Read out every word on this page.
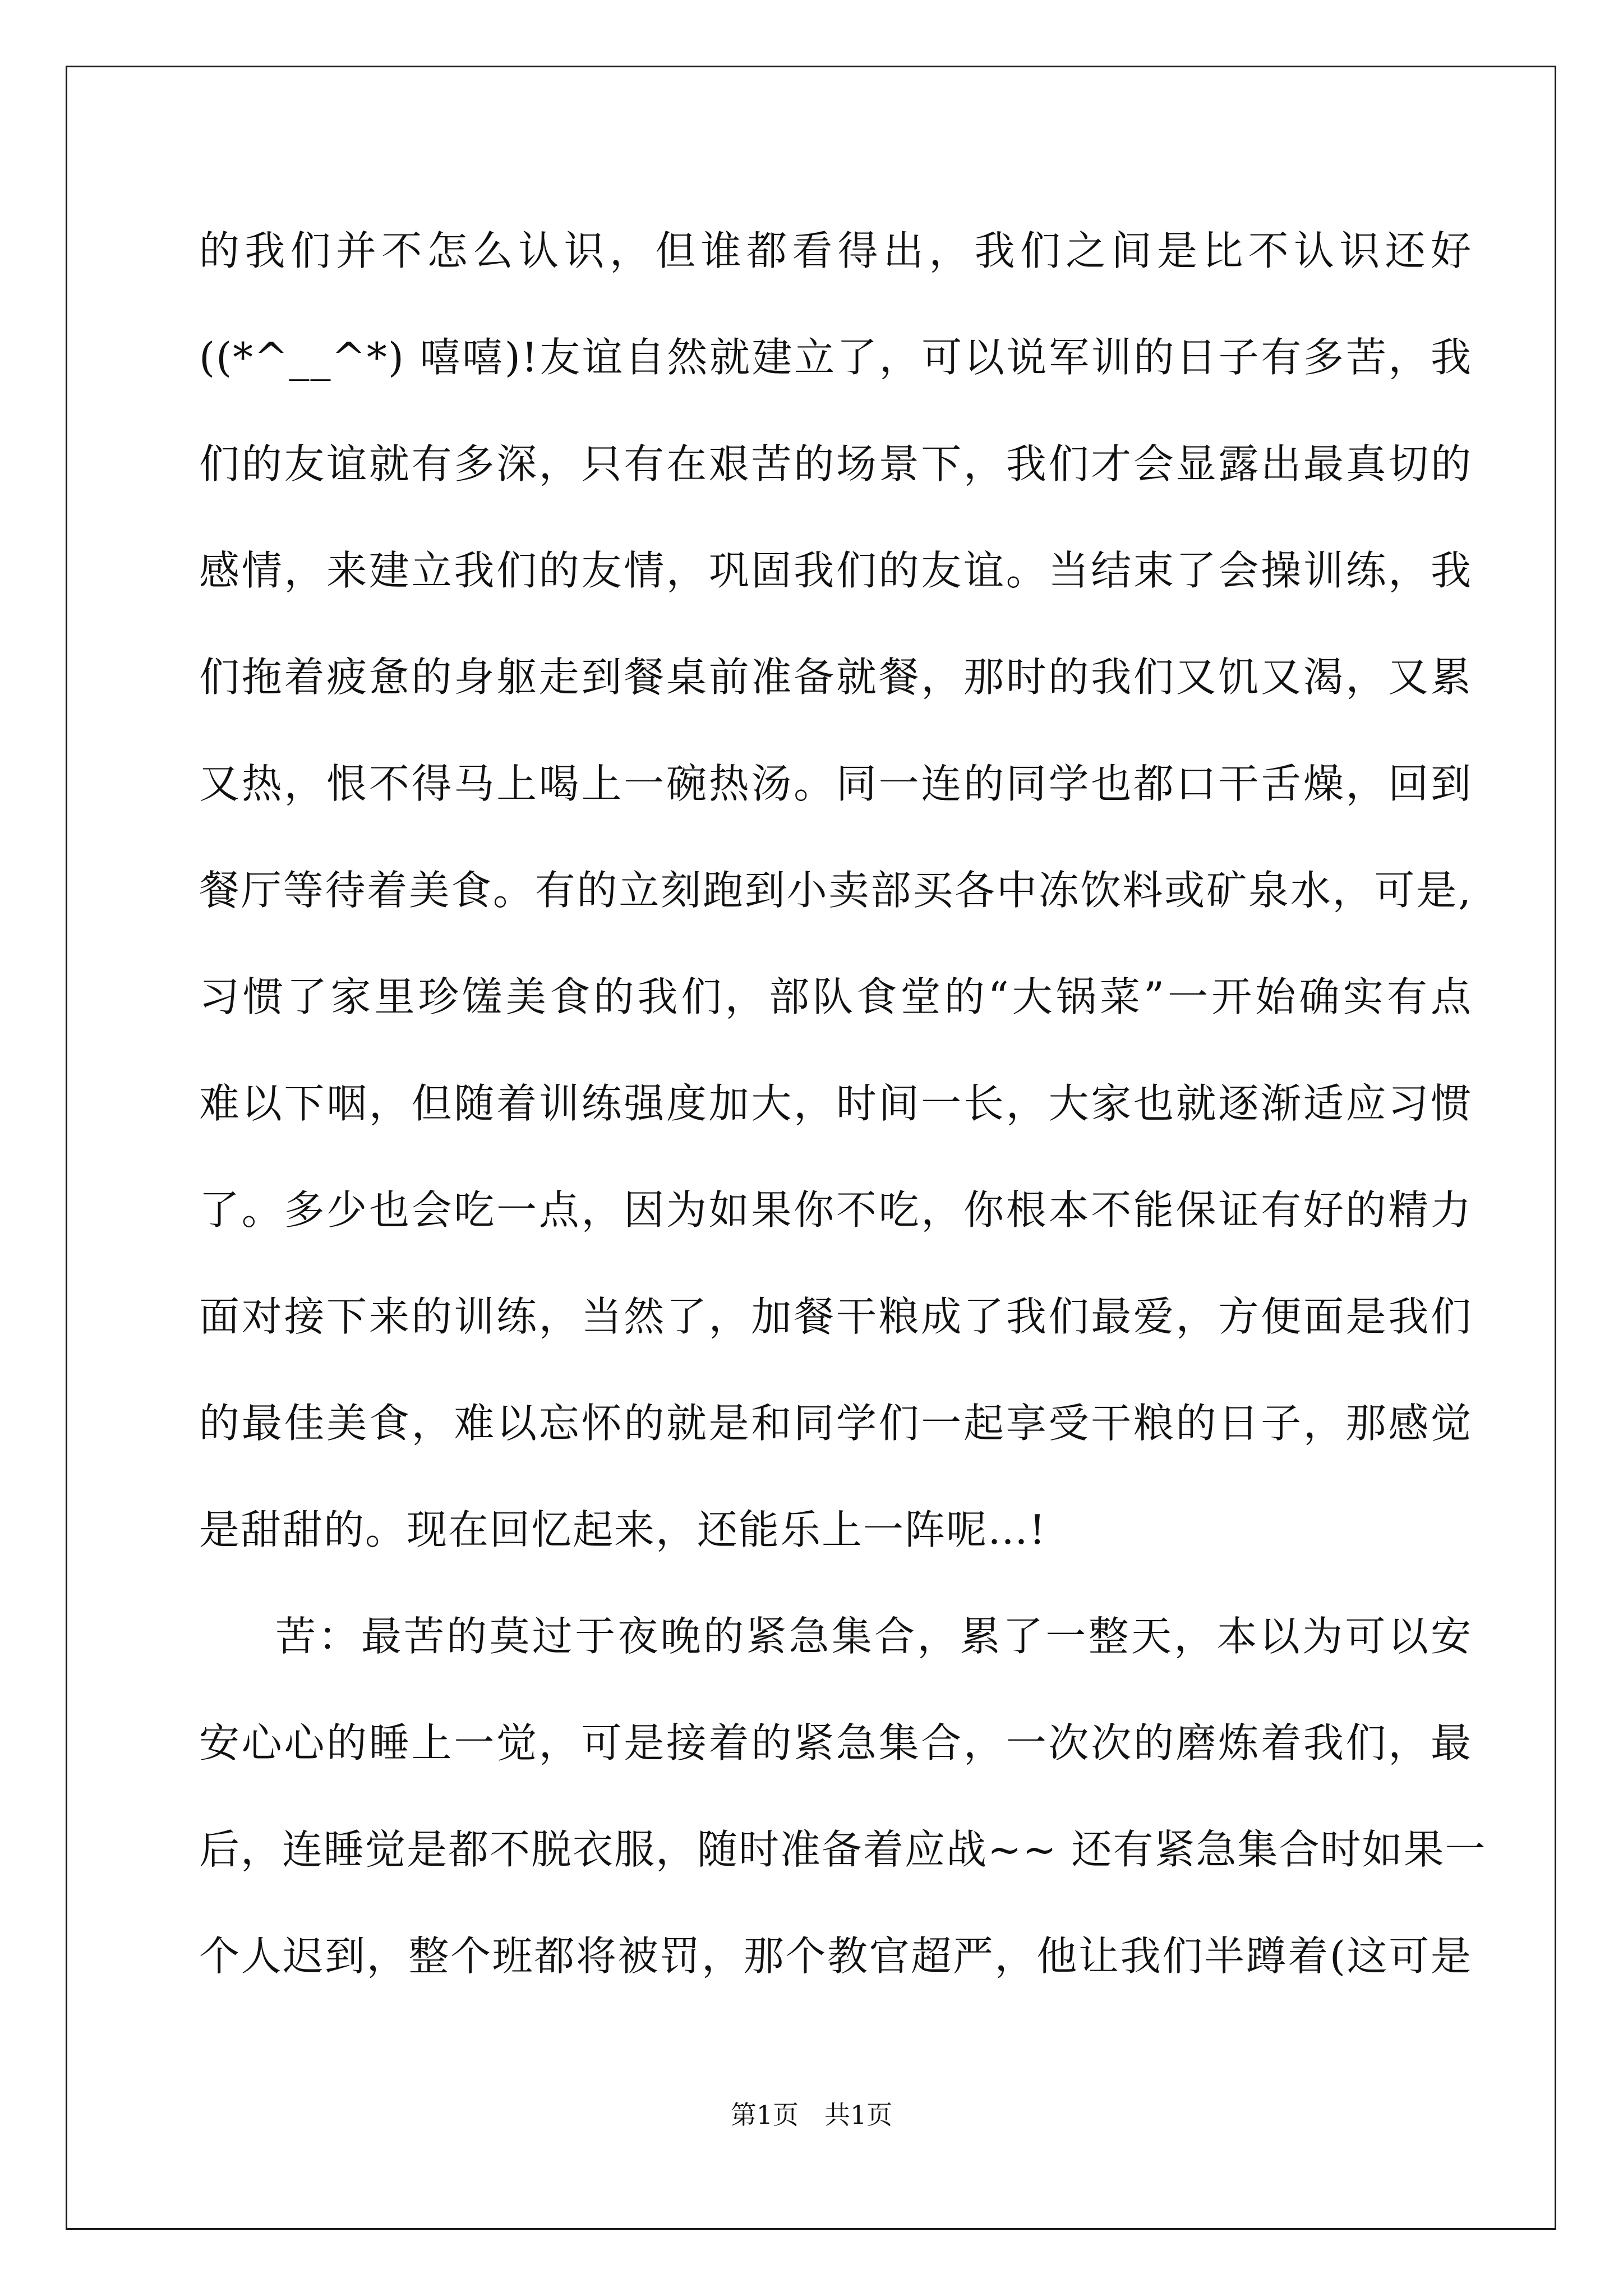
的我们并不怎么认识，但谁都看得出，我们之间是比不认识还好
((*^__^*) 嘻嘻)!友谊自然就建立了，可以说军训的日子有多苦，我
们的友谊就有多深，只有在艰苦的场景下，我们才会显露出最真切的
感情，来建立我们的友情，巩固我们的友谊。当结束了会操训练，我
们拖着疲惫的身躯走到餐桌前准备就餐，那时的我们又饥又渴，又累
又热，恨不得马上喝上一碗热汤。同一连的同学也都口干舌燥，回到
餐厅等待着美食。有的立刻跑到小卖部买各中冻饮料或矿泉水，可是,
习惯了家里珍馐美食的我们，部队食堂的“大锅菜”一开始确实有点
难以下咽，但随着训练强度加大，时间一长，大家也就逐渐适应习惯
了。多少也会吃一点，因为如果你不吃，你根本不能保证有好的精力
面对接下来的训练，当然了，加餐干粮成了我们最爱，方便面是我们
的最佳美食，难以忘怀的就是和同学们一起享受干粮的日子，那感觉
是甜甜的。现在回忆起来，还能乐上一阵呢…!
苦：最苦的莫过于夜晚的紧急集合，累了一整天，本以为可以安
安心心的睡上一觉，可是接着的紧急集合，一次次的磨炼着我们，最
后，连睡觉是都不脱衣服，随时准备着应战~~ 还有紧急集合时如果一
个人迟到，整个班都将被罚，那个教官超严，他让我们半蹲着(这可是
第1页　共1页
